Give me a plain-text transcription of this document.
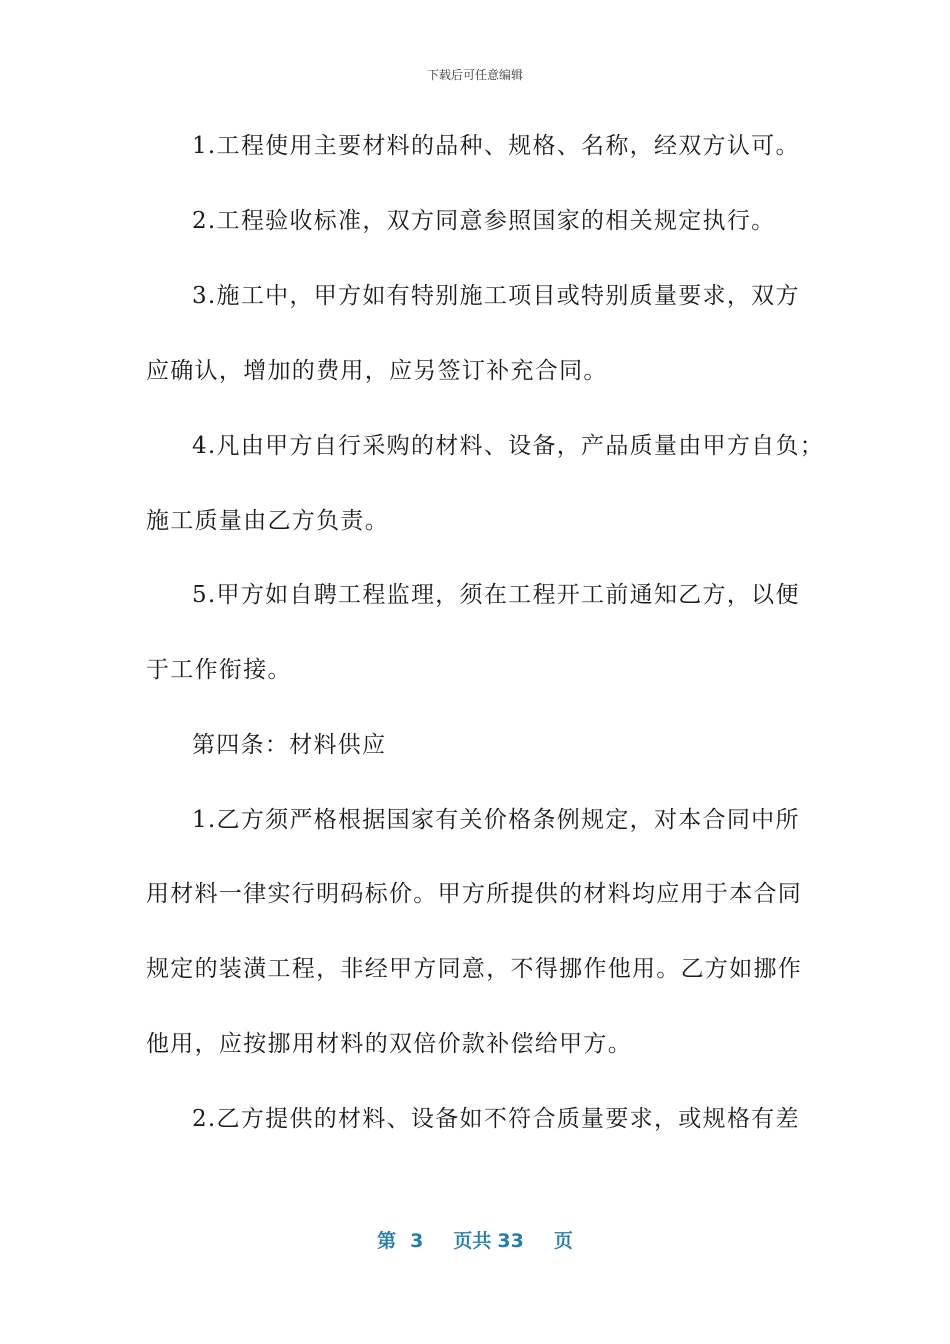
下载后可任意编辑
1.工程使用主要材料的品种、规格、名称，经双方认可。
2.工程验收标准，双方同意参照国家的相关规定执行。
3.施工中，甲方如有特别施工项目或特别质量要求，双方
应确认，增加的费用，应另签订补充合同。
4.凡由甲方自行采购的材料、设备，产品质量由甲方自负；
施工质量由乙方负责。
5.甲方如自聘工程监理，须在工程开工前通知乙方，以便
于工作衔接。
第四条：材料供应
1.乙方须严格根据国家有关价格条例规定，对本合同中所
用材料一律实行明码标价。甲方所提供的材料均应用于本合同
规定的装潢工程，非经甲方同意，不得挪作他用。乙方如挪作
他用，应按挪用材料的双倍价款补偿给甲方。
2.乙方提供的材料、设备如不符合质量要求，或规格有差
第 3 页共 33 页
